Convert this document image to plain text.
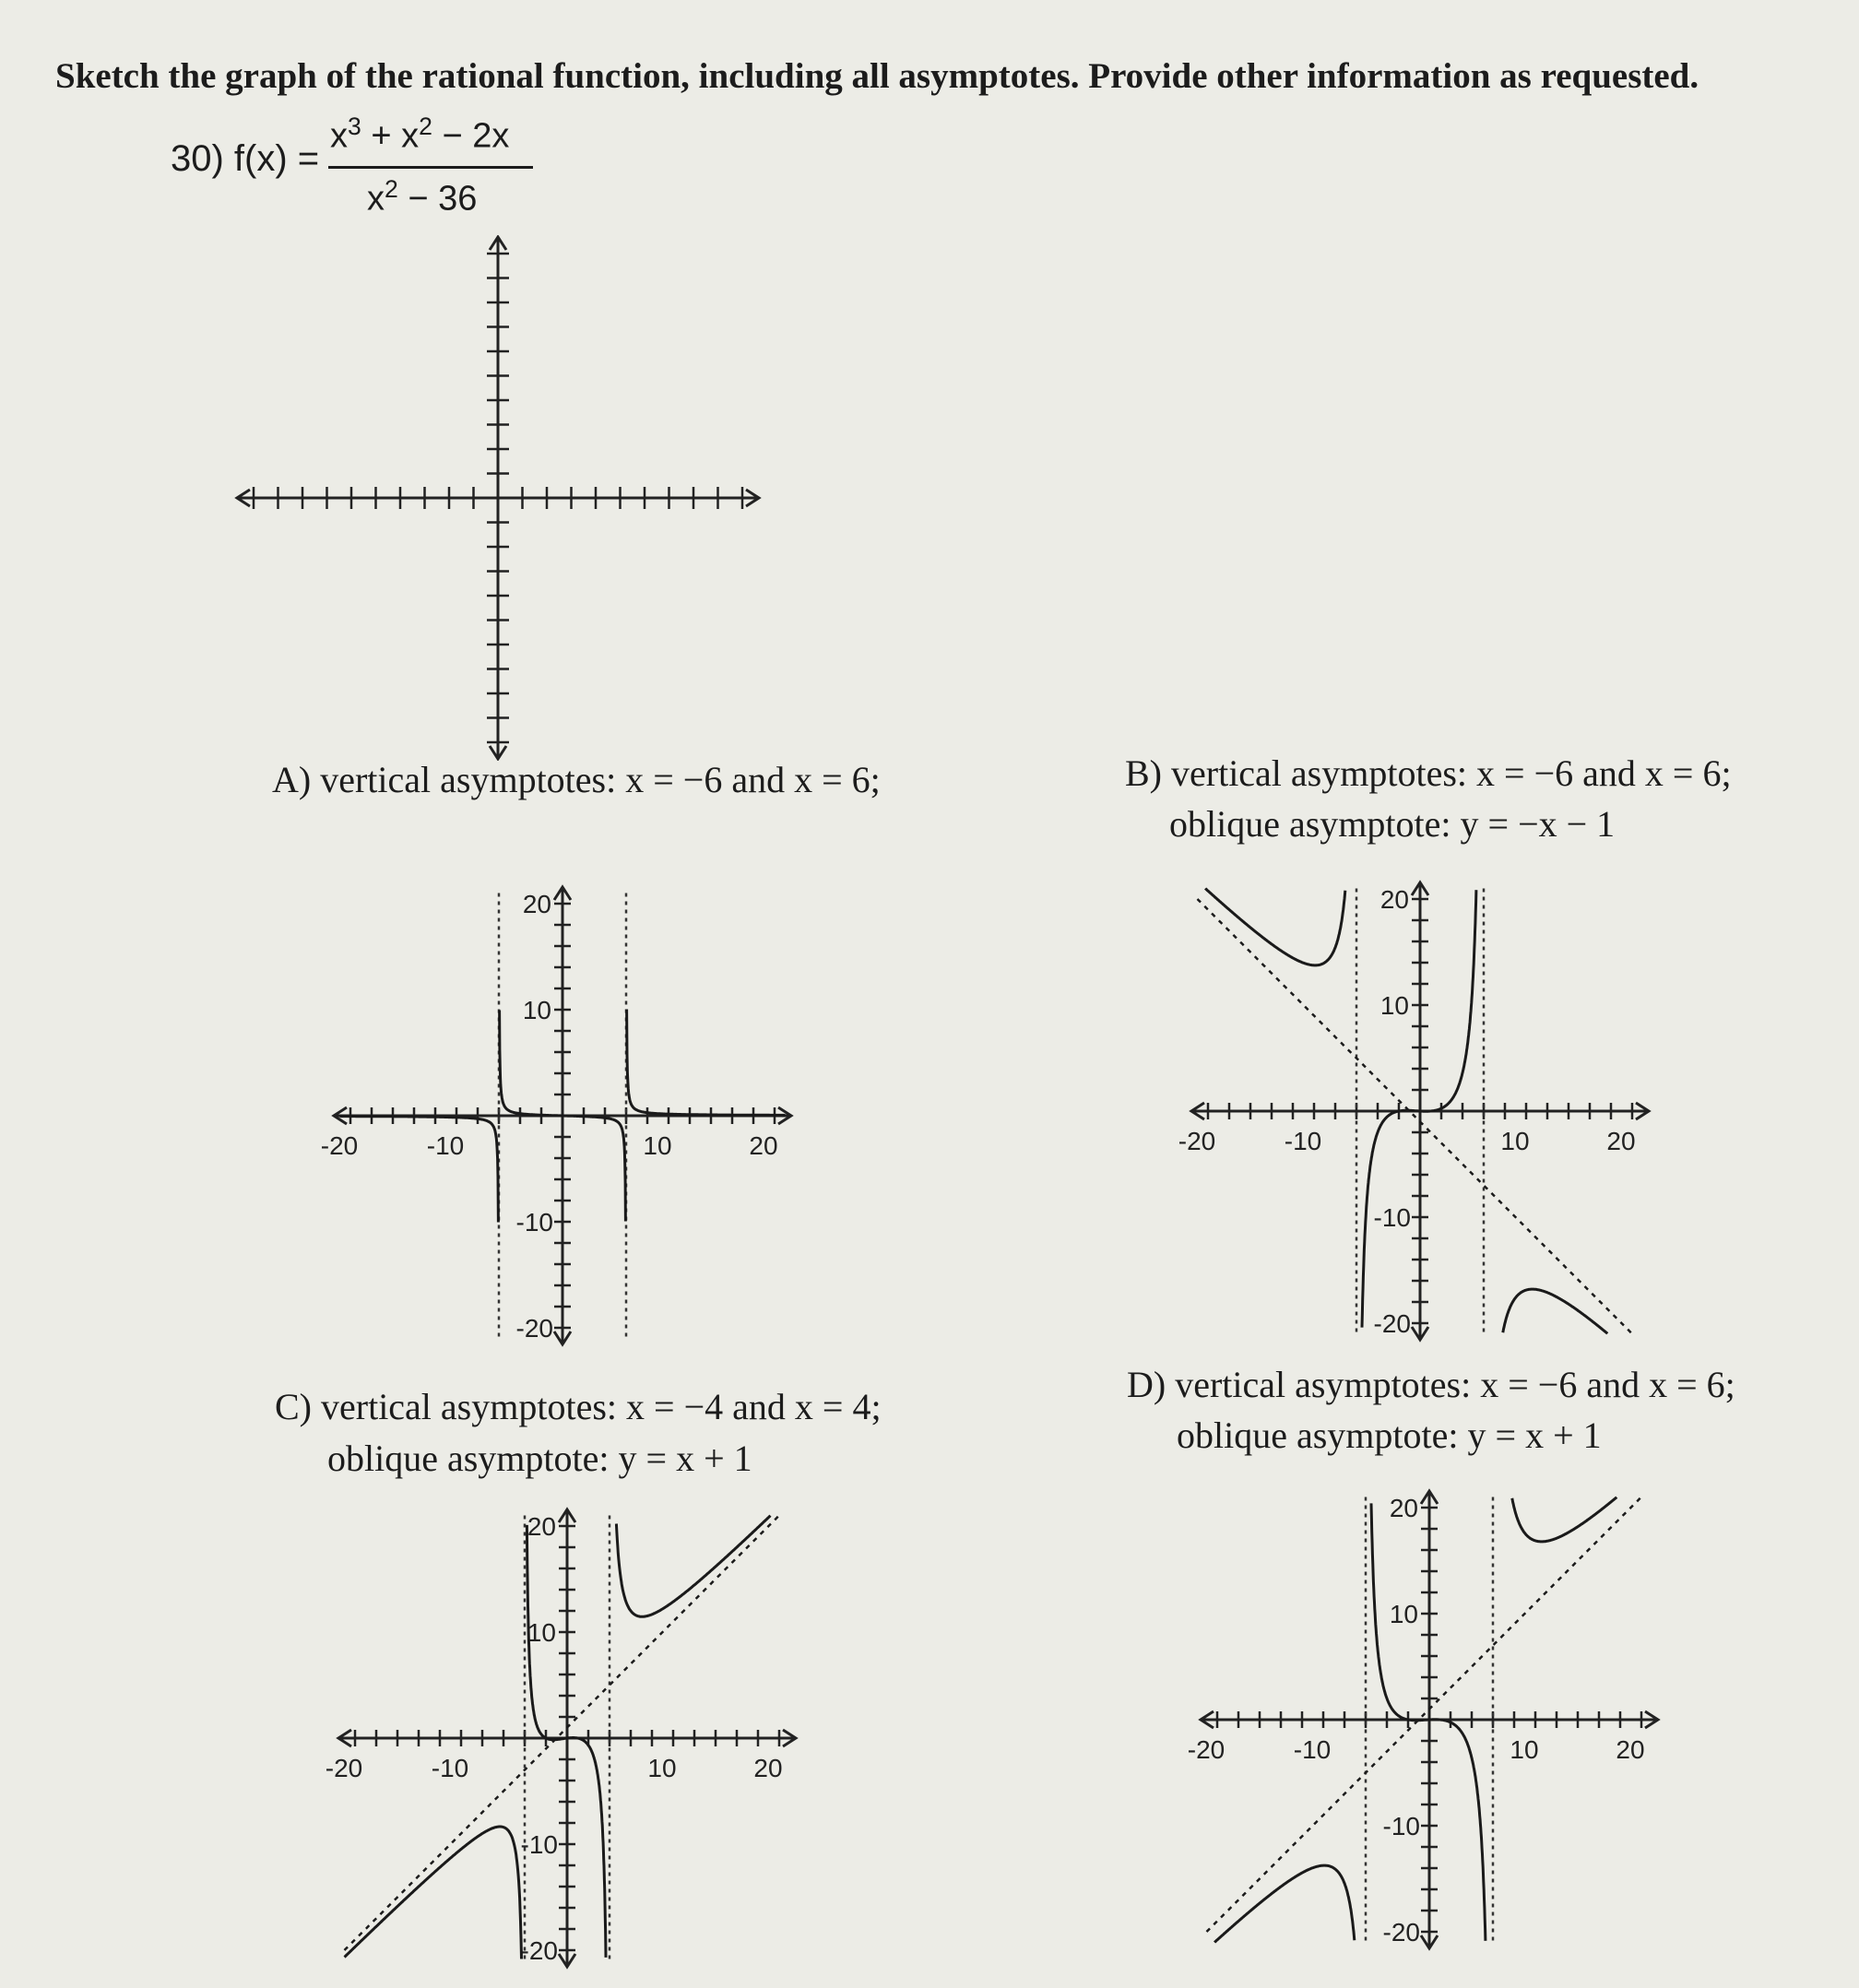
Sketch the graph of the rational function, including all asymptotes. Provide other information as requested.
30) f(x) =
$x^3 + x^2 - 2x$
$x^2 - 36$
A) vertical asymptotes: x = −6 and x = 6;	B) vertical asymptotes: x = −6 and x = 6;
oblique asymptote: y = −x − 1
-20	-10	10	20
20
10
-10
-20
-20	-10	10	20
20
10
-10
-20
C) vertical asymptotes: x = −4 and x = 4;
oblique asymptote: y = x + 1
D) vertical asymptotes: x = −6 and x = 6;
oblique asymptote: y = x + 1
-20	-10	10	20
20
10
-10
-20
-20	-10	10	20
20
10
-10
-20
